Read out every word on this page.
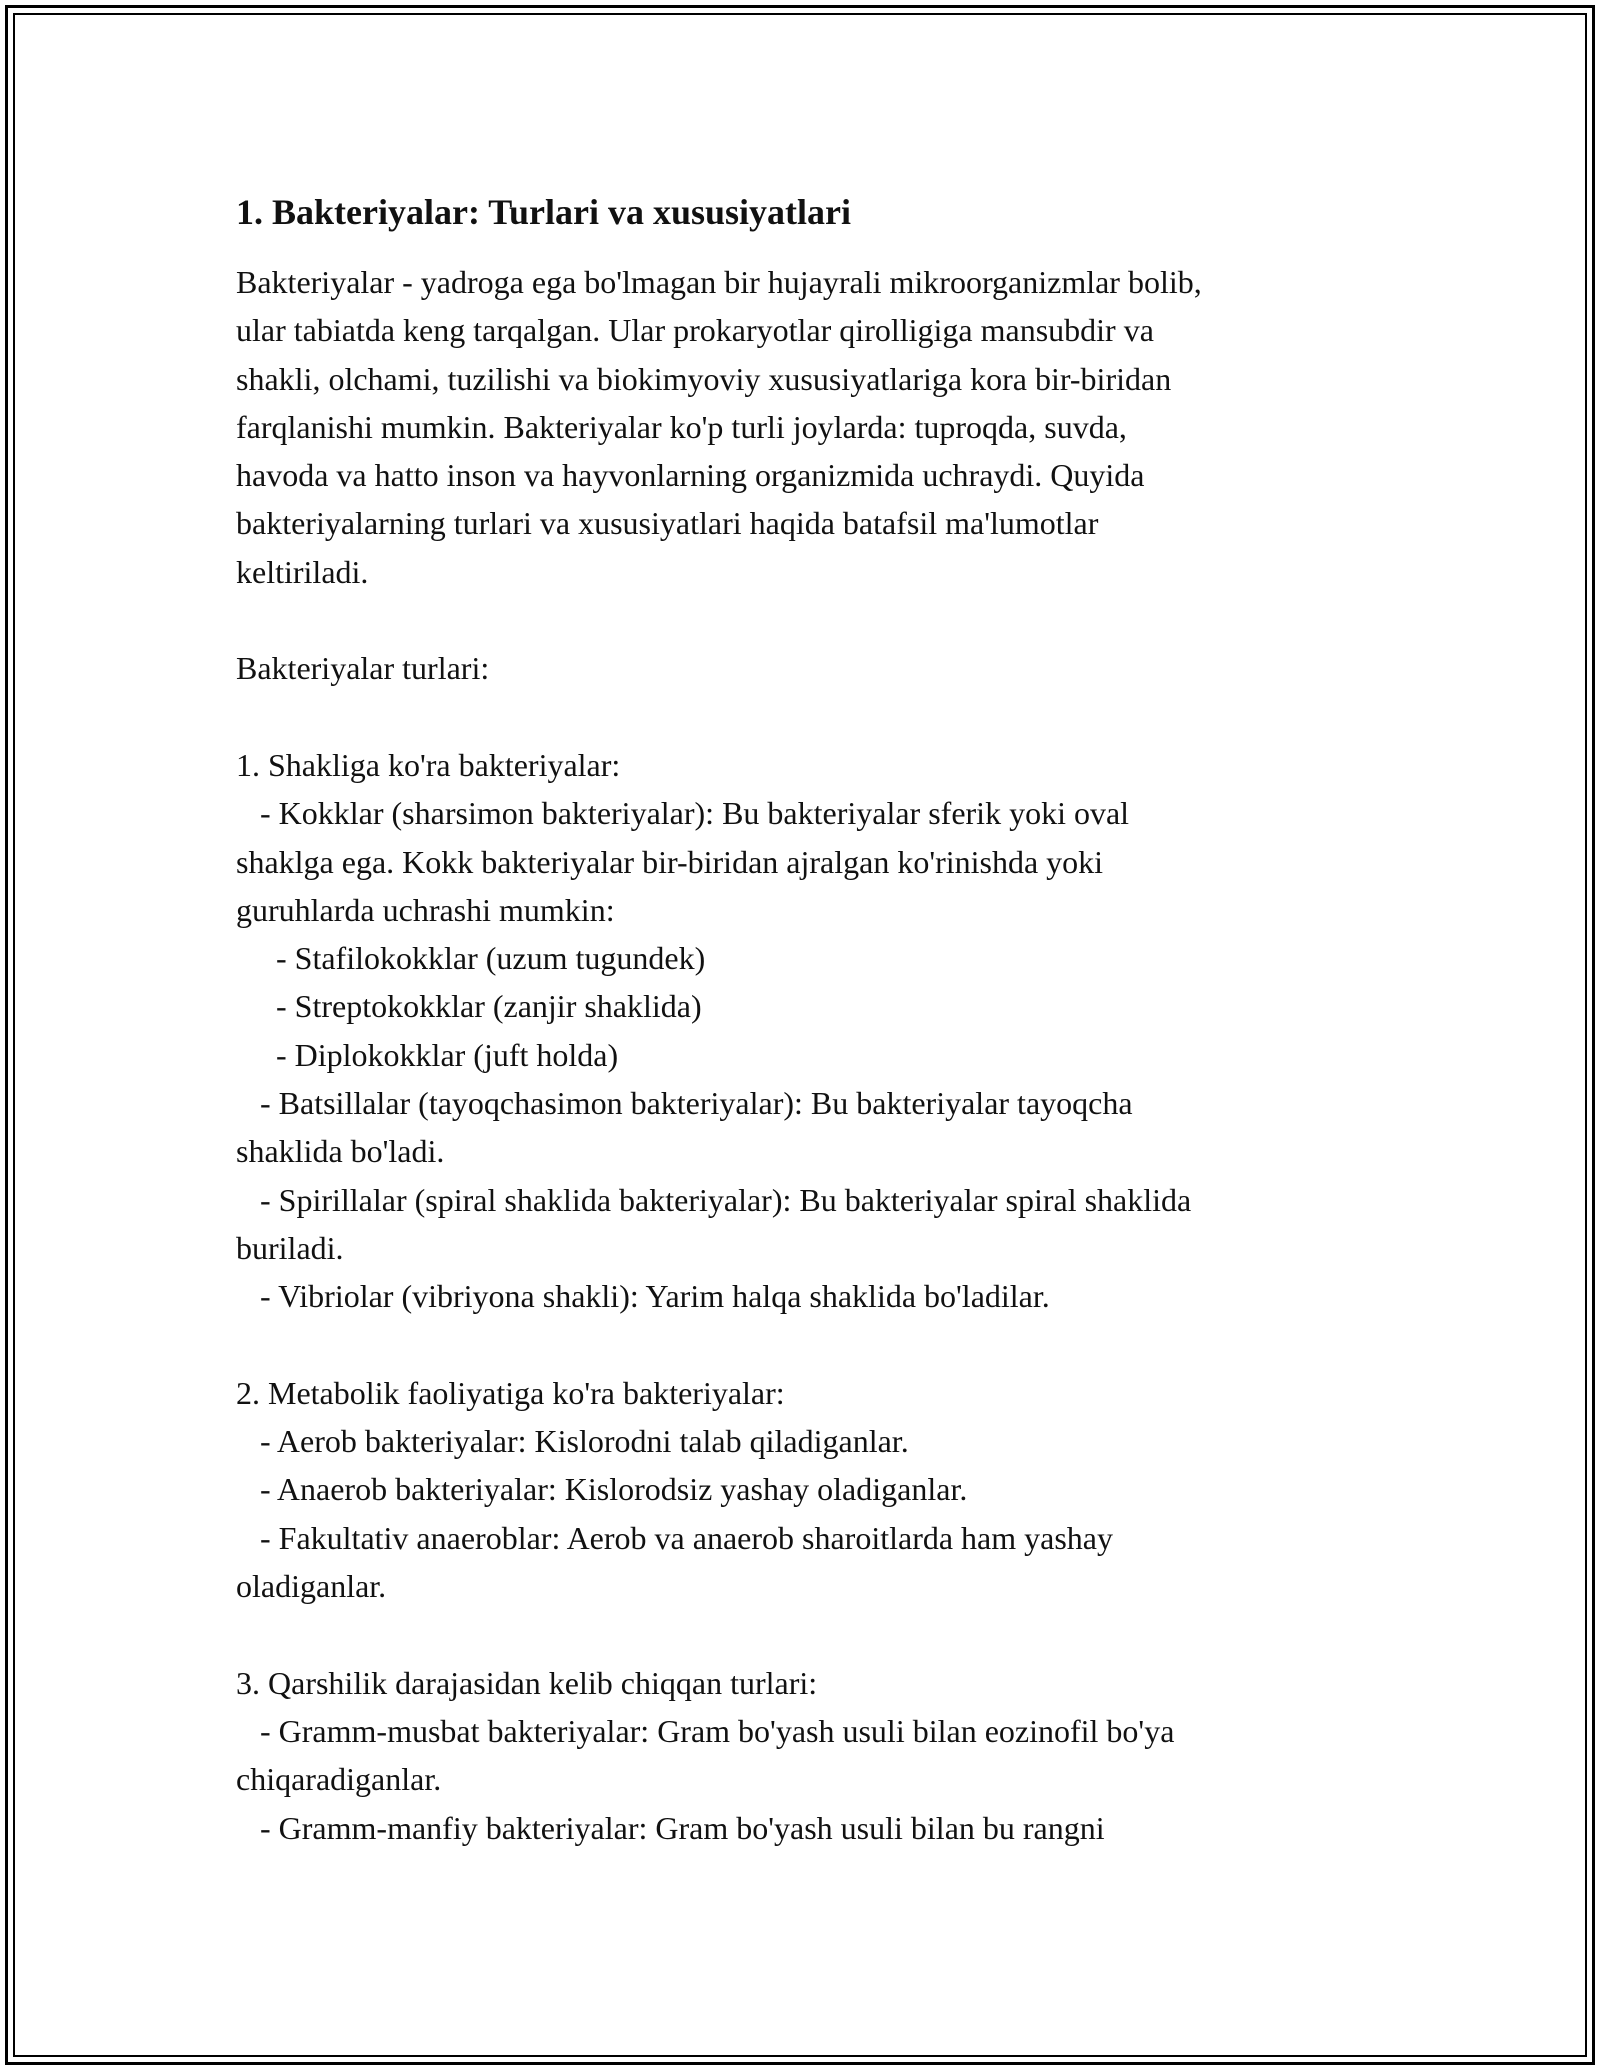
1. Bakteriyalar: Turlari va xususiyatlari

Bakteriyalar - yadroga ega bo'lmagan bir hujayrali mikroorganizmlar bolib,

ular tabiatda keng tarqalgan. Ular prokaryotlar qirolligiga mansubdir va

shakli, olchami, tuzilishi va biokimyoviy xususiyatlariga kora bir-biridan

farqlanishi mumkin. Bakteriyalar ko'p turli joylarda: tuproqda, suvda,

havoda va hatto inson va hayvonlarning organizmida uchraydi. Quyida

bakteriyalarning turlari va xususiyatlari haqida batafsil ma'lumotlar

keltiriladi.

Bakteriyalar turlari:

1. Shakliga ko'ra bakteriyalar:

- Kokklar (sharsimon bakteriyalar): Bu bakteriyalar sferik yoki oval

shaklga ega. Kokk bakteriyalar bir-biridan ajralgan ko'rinishda yoki

guruhlarda uchrashi mumkin:

- Stafilokokklar (uzum tugundek)

- Streptokokklar (zanjir shaklida)

- Diplokokklar (juft holda)

- Batsillalar (tayoqchasimon bakteriyalar): Bu bakteriyalar tayoqcha

shaklida bo'ladi.

- Spirillalar (spiral shaklida bakteriyalar): Bu bakteriyalar spiral shaklida

buriladi.

- Vibriolar (vibriyona shakli): Yarim halqa shaklida bo'ladilar.

2. Metabolik faoliyatiga ko'ra bakteriyalar:

- Aerob bakteriyalar: Kislorodni talab qiladiganlar.

- Anaerob bakteriyalar: Kislorodsiz yashay oladiganlar.

- Fakultativ anaeroblar: Aerob va anaerob sharoitlarda ham yashay

oladiganlar.

3. Qarshilik darajasidan kelib chiqqan turlari:

- Gramm-musbat bakteriyalar: Gram bo'yash usuli bilan eozinofil bo'ya

chiqaradiganlar.

- Gramm-manfiy bakteriyalar: Gram bo'yash usuli bilan bu rangni
